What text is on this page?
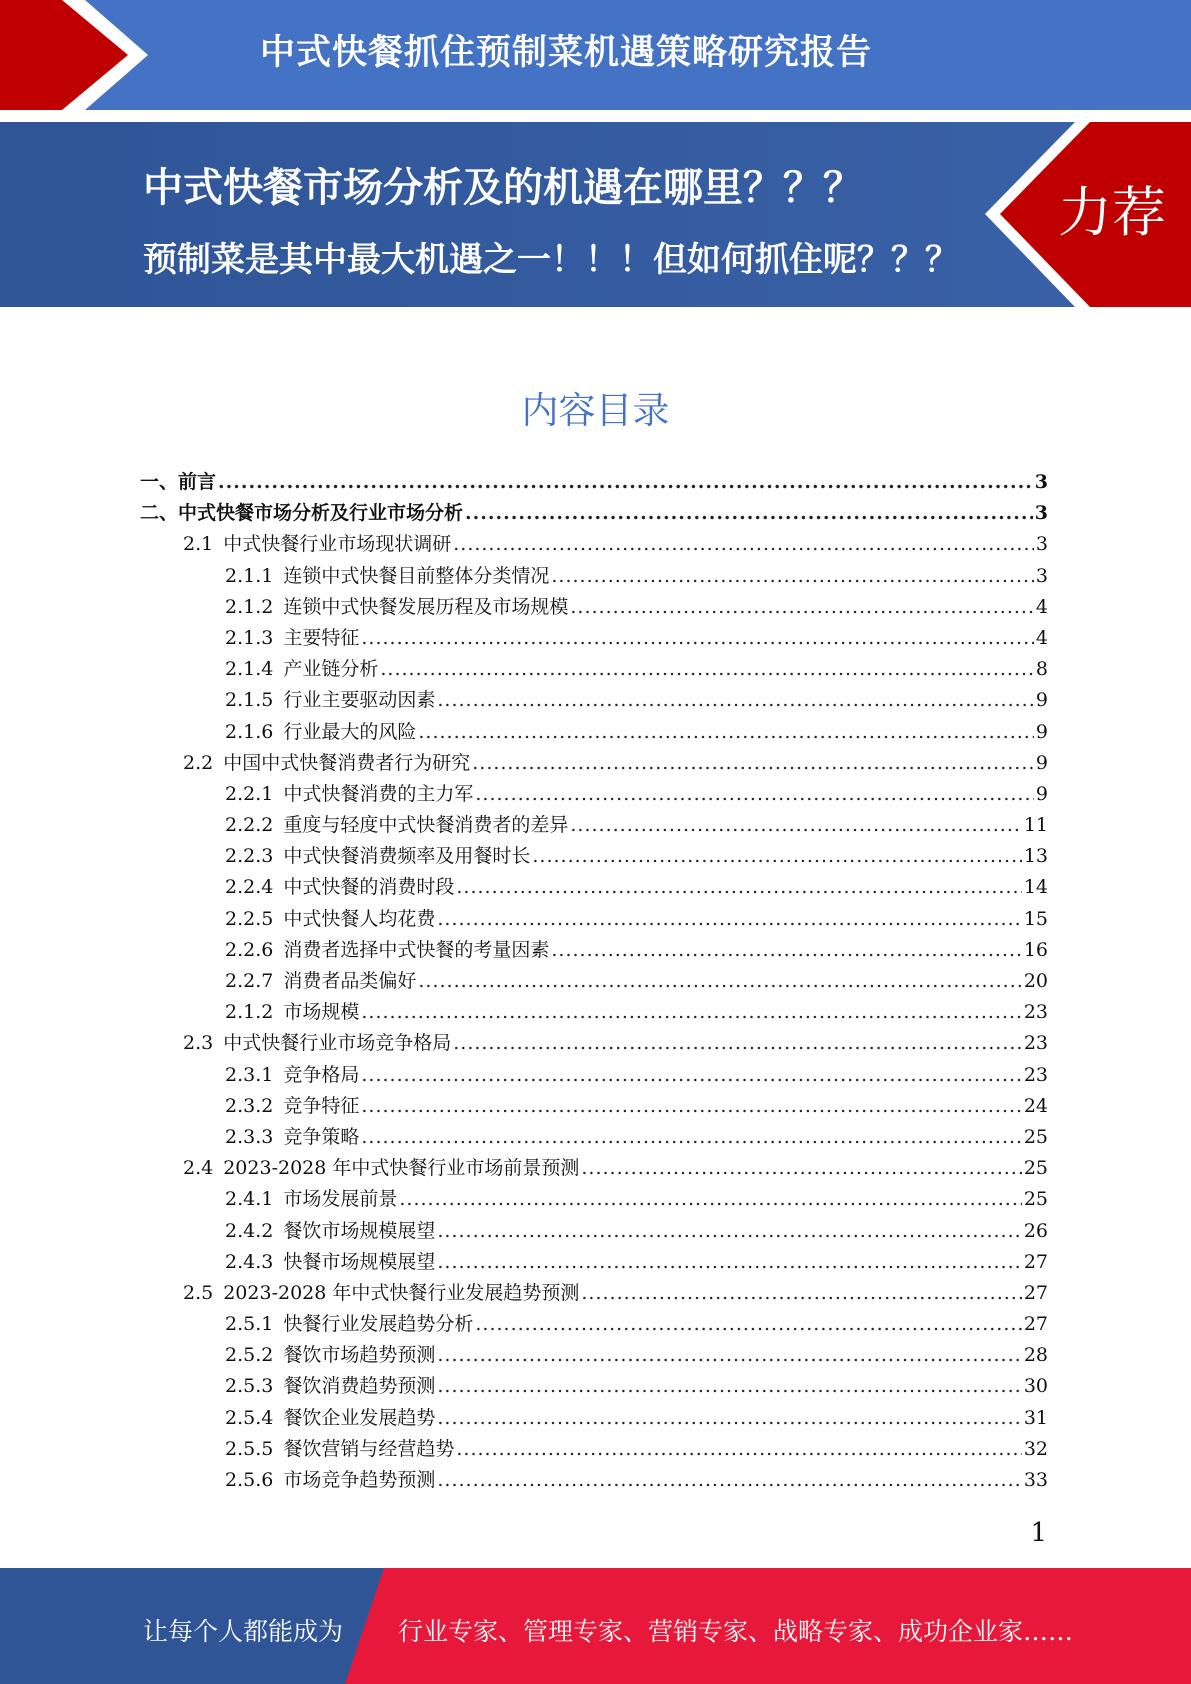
中式快餐抓住预制菜机遇策略研究报告
中式快餐市场分析及的机遇在哪里？？？
预制菜是其中最大机遇之一！！！但如何抓住呢？？？
力荐
内容目录
一、 前言 .....	3
二、 中式快餐市场分析及行业市场分析 .....	3
2.1 中式快餐行业市场现状调研 .....	3
2.1.1 连锁中式快餐目前整体分类情况 .....	3
2.1.2 连锁中式快餐发展历程及市场规模 .....	4
2.1.3 主要特征 .....	4
2.1.4 产业链分析 .....	8
2.1.5 行业主要驱动因素 .....	9
2.1.6 行业最大的风险 .....	9
2.2 中国中式快餐消费者行为研究 .....	9
2.2.1 中式快餐消费的主力军 .....	9
2.2.2 重度与轻度中式快餐消费者的差异 .....	11
2.2.3 中式快餐消费频率及用餐时长 .....	13
2.2.4 中式快餐的消费时段 .....	14
2.2.5 中式快餐人均花费 .....	15
2.2.6 消费者选择中式快餐的考量因素 .....	16
2.2.7 消费者品类偏好 .....	20
2.1.2 市场规模 .....	23
2.3 中式快餐行业市场竞争格局 .....	23
2.3.1 竞争格局 .....	23
2.3.2 竞争特征 .....	24
2.3.3 竞争策略 .....	25
2.4 2023-2028 年中式快餐行业市场前景预测 .....	25
2.4.1 市场发展前景 .....	25
2.4.2 餐饮市场规模展望 .....	26
2.4.3 快餐市场规模展望 .....	27
2.5 2023-2028 年中式快餐行业发展趋势预测 .....	27
2.5.1 快餐行业发展趋势分析 .....	27
2.5.2 餐饮市场趋势预测 .....	28
2.5.3 餐饮消费趋势预测 .....	30
2.5.4 餐饮企业发展趋势 .....	31
2.5.5 餐饮营销与经营趋势 .....	32
2.5.6 市场竞争趋势预测 .....	33
1
让每个人都能成为 行业专家、管理专家、营销专家、战略专家、成功企业家……
